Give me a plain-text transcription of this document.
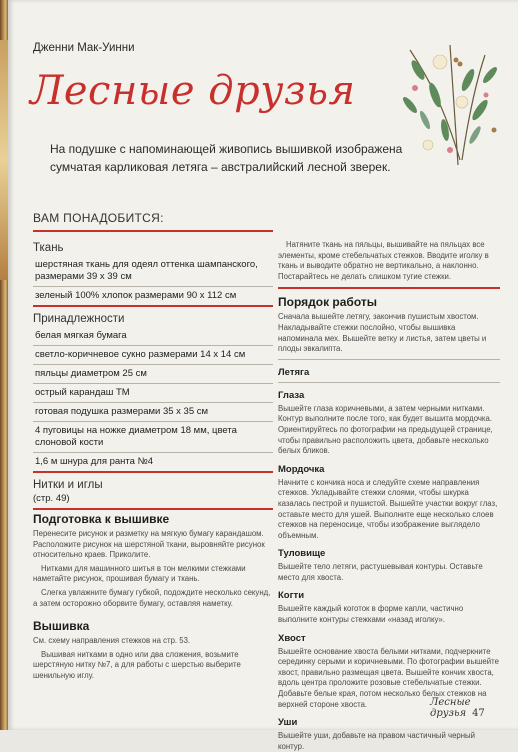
Дженни Мак-Уинни
Лесные друзья
На подушке с напоминающей живопись вышивкой изображена сумчатая карликовая летяга – австралийский лесной зверек.
ВАМ ПОНАДОБИТСЯ:
Ткань
шерстяная ткань для одеял оттенка шампанского, размерами 39 x 39 см
зеленый 100% хлопок размерами 90 x 112 см
Принадлежности
белая мягкая бумага
светло-коричневое сукно размерами 14 x 14 см
пяльцы диаметром 25 см
острый карандаш ТМ
готовая подушка размерами 35 x 35 см
4 пуговицы на ножке диаметром 18 мм, цвета слоновой кости
1,6 м шнура для ранта №4
Нитки и иглы
(стр. 49)
Подготовка к вышивке
Перенесите рисунок и разметку на мягкую бумагу карандашом. Расположите рисунок на шерстяной ткани, выровняйте рисунок относительно краев. Приколите.
Нитками для машинного шитья в тон мелкими стежками наметайте рисунок, прошивая бумагу и ткань.
Слегка увлажните бумагу губкой, подождите несколько секунд, а затем осторожно оборвите бумагу, оставляя наметку.
Вышивка
См. схему направления стежков на стр. 53.
Вышивая нитками в одно или два сложения, возьмите шерстяную нитку №7, а для работы с шерстью выберите шенильную иглу.
Натяните ткань на пяльцы, вышивайте на пяльцах все элементы, кроме стебельчатых стежков. Вводите иголку в ткань и выводите обратно не вертикально, а наклонно. Постарайтесь не делать слишком тугие стежки.
Порядок работы
Сначала вышейте летягу, закончив пушистым хвостом. Накладывайте стежки послойно, чтобы вышивка напоминала мех. Вышейте ветку и листья, затем цветы и плоды эвкалипта.
Летяга
Глаза
Вышейте глаза коричневыми, а затем черными нитками. Контур выполните после того, как будет вышита мордочка. Ориентируйтесь по фотографии на предыдущей странице, чтобы правильно расположить цвета, добавьте несколько белых бликов.
Мордочка
Начните с кончика носа и следуйте схеме направления стежков. Укладывайте стежки слоями, чтобы шкурка казалась пестрой и пушистой. Вышейте участки вокруг глаз, оставьте место для ушей. Выполните еще несколько слоев стежков на переносице, чтобы изображение выглядело объемным.
Туловище
Вышейте тело летяги, растушевывая контуры. Оставьте место для хвоста.
Когти
Вышейте каждый коготок в форме капли, частично выполните контуры стежками «назад иголку».
Хвост
Вышейте основание хвоста белыми нитками, подчеркните серединку серыми и коричневыми. По фотографии вышейте хвост, правильно размещая цвета. Вышейте кончик хвоста, вдоль центра проложите розовые стебельчатые стежки. Добавьте белые края, потом несколько белых стежков на верхней стороне хвоста.
Уши
Вышейте уши, добавьте на правом частичный черный контур.
Лесные друзья 47
